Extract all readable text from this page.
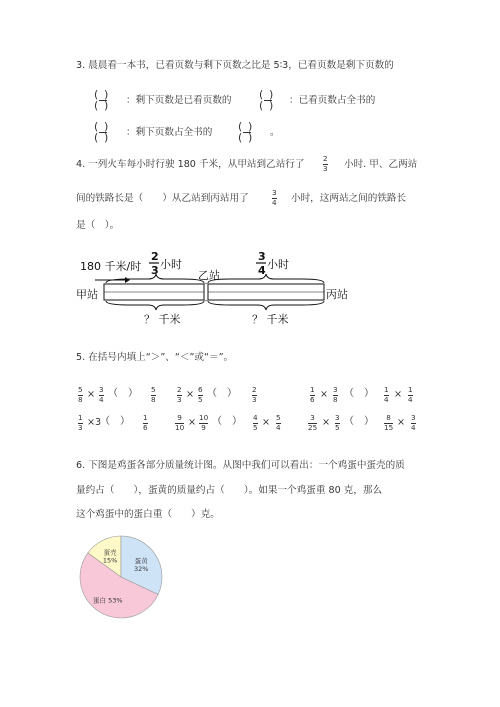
3. 晨晨看一本书，已看页数与剩下页数之比是 5∶3，已看页数是剩下页数的
( )
( ) ：剩下页数是已看页数的 ( )
( ) ：已看页数占全书的
( )
( ) ：剩下页数占全书的 ( )
( ) 。
4. 一列火车每小时行驶 180 千米，从甲站到乙站行了
2
3 小时. 甲、乙两站
间的铁路长是（　　）从乙站到丙站用了
3
4 小时，这两站之间的铁路长
是（　）。
180 千米/时
2
3 小时
3
4 小时
乙站
甲站	丙站
？ 千米	？ 千米
5. 在括号内填上“＞”、“＜”或“＝”。
5
8 × 3
4
（　） 5
8
2
3 × 6
5
（　） 2
3
1
6 × 3
8
（　） 1
4 × 1
4
1
3 ×3
（　） 1
6
9
10 × 10
9
（　） 4
5 × 5
4
3
25 × 3
5
（　） 8
15 × 3
4
6. 下图是鸡蛋各部分质量统计图。从图中我们可以看出：一个鸡蛋中蛋壳的质
量约占（　　），蛋黄的质量约占（　　）。如果一个鸡蛋重 80 克，那么
这个鸡蛋中的蛋白重（　　）克。
蛋壳
15%	蛋黄
32%
蛋白 53%
